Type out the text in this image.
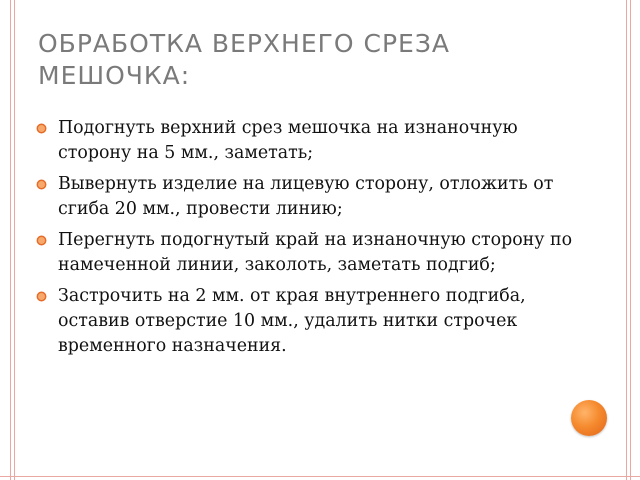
ОБРАБОТКА ВЕРХНЕГО СРЕЗА
МЕШОЧКА:
Подогнуть верхний срез мешочка на изнаночную сторону на 5 мм., заметать;
Вывернуть изделие на лицевую сторону, отложить от сгиба 20 мм., провести линию;
Перегнуть подогнутый край на изнаночную сторону по намеченной линии, заколоть, заметать подгиб;
Застрочить на 2 мм. от края внутреннего подгиба, оставив отверстие 10 мм., удалить нитки строчек временного назначения.
